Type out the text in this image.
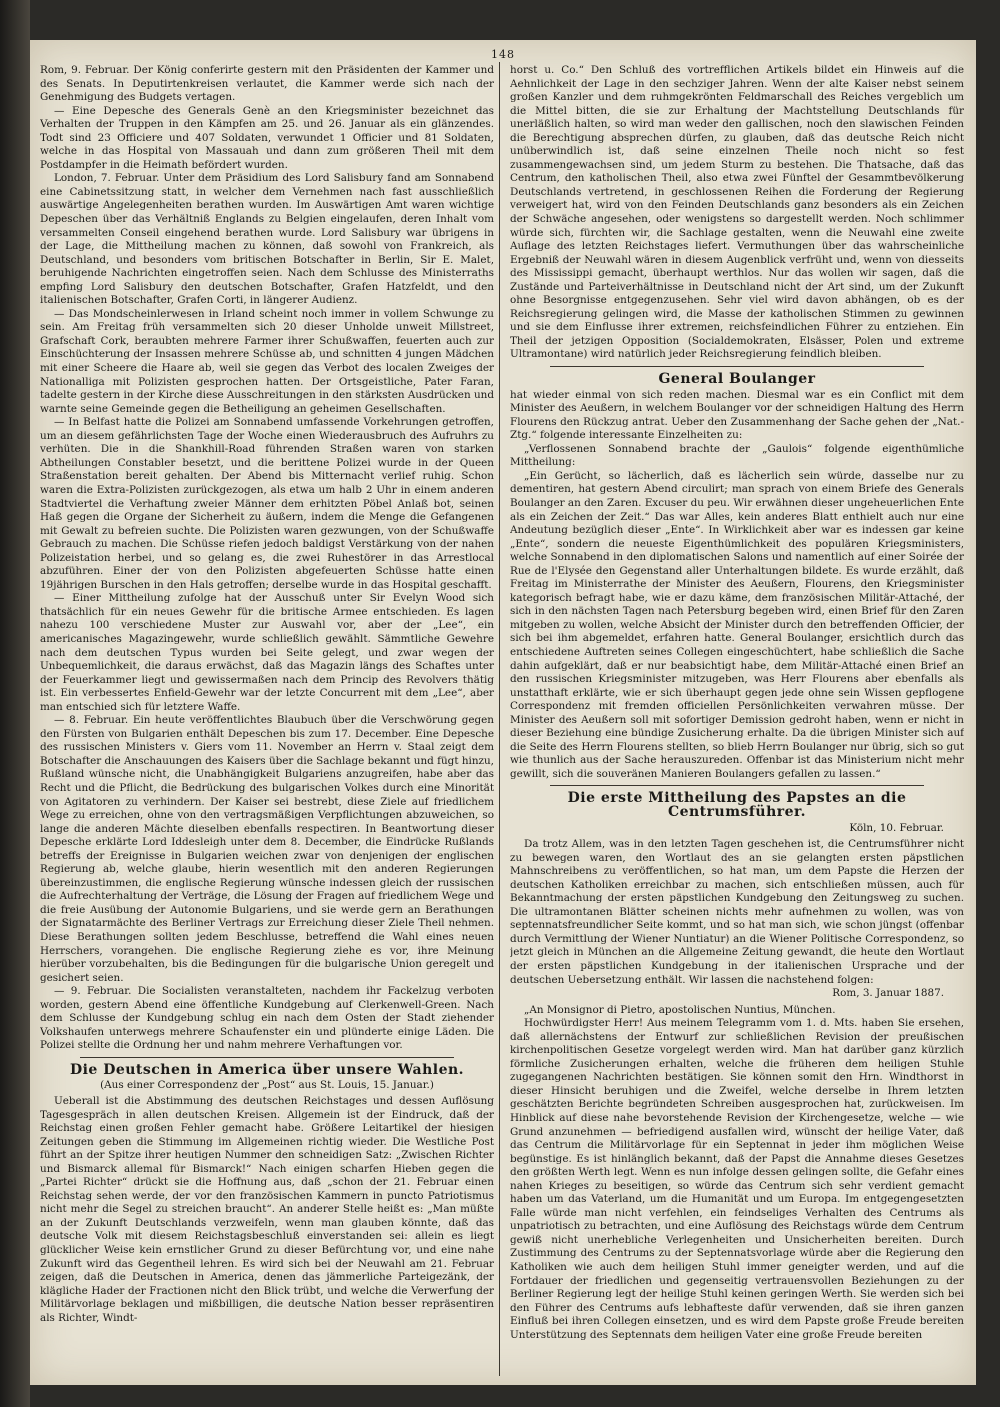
148

Rom, 9. Februar. Der König conferirte gestern mit den Präsidenten der Kammer und des Senats. In Deputirtenkreisen verlautet, die Kammer werde sich nach der Genehmigung des Budgets vertagen.

— Eine Depesche des Generals Genè an den Kriegsminister bezeichnet das Verhalten der Truppen in den Kämpfen am 25. und 26. Januar als ein glänzendes. Todt sind 23 Officiere und 407 Soldaten, verwundet 1 Officier und 81 Soldaten, welche in das Hospital von Massauah und dann zum größeren Theil mit dem Postdampfer in die Heimath befördert wurden.

London, 7. Februar. Unter dem Präsidium des Lord Salisbury fand am Sonnabend eine Cabinetssitzung statt, in welcher dem Vernehmen nach fast ausschließlich auswärtige Angelegenheiten berathen wurden. Im Auswärtigen Amt waren wichtige Depeschen über das Verhältniß Englands zu Belgien eingelaufen, deren Inhalt vom versammelten Conseil eingehend berathen wurde. Lord Salisbury war übrigens in der Lage, die Mittheilung machen zu können, daß sowohl von Frankreich, als Deutschland, und besonders vom britischen Botschafter in Berlin, Sir E. Malet, beruhigende Nachrichten eingetroffen seien. Nach dem Schlusse des Ministerraths empfing Lord Salisbury den deutschen Botschafter, Grafen Hatzfeldt, und den italienischen Botschafter, Grafen Corti, in längerer Audienz.

— Das Mondscheinlerwesen in Irland scheint noch immer in vollem Schwunge zu sein. Am Freitag früh versammelten sich 20 dieser Unholde unweit Millstreet, Grafschaft Cork, beraubten mehrere Farmer ihrer Schußwaffen, feuerten auch zur Einschüchterung der Insassen mehrere Schüsse ab, und schnitten 4 jungen Mädchen mit einer Scheere die Haare ab, weil sie gegen das Verbot des localen Zweiges der Nationalliga mit Polizisten gesprochen hatten. Der Ortsgeistliche, Pater Faran, tadelte gestern in der Kirche diese Ausschreitungen in den stärksten Ausdrücken und warnte seine Gemeinde gegen die Betheiligung an geheimen Gesellschaften.

— In Belfast hatte die Polizei am Sonnabend umfassende Vorkehrungen getroffen, um an diesem gefährlichsten Tage der Woche einen Wiederausbruch des Aufruhrs zu verhüten. Die in die Shankhill-Road führenden Straßen waren von starken Abtheilungen Constabler besetzt, und die berittene Polizei wurde in der Queen Straßenstation bereit gehalten. Der Abend bis Mitternacht verlief ruhig. Schon waren die Extra-Polizisten zurückgezogen, als etwa um halb 2 Uhr in einem anderen Stadtviertel die Verhaftung zweier Männer dem erhitzten Pöbel Anlaß bot, seinen Haß gegen die Organe der Sicherheit zu äußern, indem die Menge die Gefangenen mit Gewalt zu befreien suchte. Die Polizisten waren gezwungen, von der Schußwaffe Gebrauch zu machen. Die Schüsse riefen jedoch baldigst Verstärkung von der nahen Polizeistation herbei, und so gelang es, die zwei Ruhestörer in das Arrestlocal abzuführen. Einer der von den Polizisten abgefeuerten Schüsse hatte einen 19jährigen Burschen in den Hals getroffen; derselbe wurde in das Hospital geschafft.

— Einer Mittheilung zufolge hat der Ausschuß unter Sir Evelyn Wood sich thatsächlich für ein neues Gewehr für die britische Armee entschieden. Es lagen nahezu 100 verschiedene Muster zur Auswahl vor, aber der „Lee“, ein americanisches Magazingewehr, wurde schließlich gewählt. Sämmtliche Gewehre nach dem deutschen Typus wurden bei Seite gelegt, und zwar wegen der Unbequemlichkeit, die daraus erwächst, daß das Magazin längs des Schaftes unter der Feuerkammer liegt und gewissermaßen nach dem Princip des Revolvers thätig ist. Ein verbessertes Enfield-Gewehr war der letzte Concurrent mit dem „Lee“, aber man entschied sich für letztere Waffe.

— 8. Februar. Ein heute veröffentlichtes Blaubuch über die Verschwörung gegen den Fürsten von Bulgarien enthält Depeschen bis zum 17. December. Eine Depesche des russischen Ministers v. Giers vom 11. November an Herrn v. Staal zeigt dem Botschafter die Anschauungen des Kaisers über die Sachlage bekannt und fügt hinzu, Rußland wünsche nicht, die Unabhängigkeit Bulgariens anzugreifen, habe aber das Recht und die Pflicht, die Bedrückung des bulgarischen Volkes durch eine Minorität von Agitatoren zu verhindern. Der Kaiser sei bestrebt, diese Ziele auf friedlichem Wege zu erreichen, ohne von den vertragsmäßigen Verpflichtungen abzuweichen, so lange die anderen Mächte dieselben ebenfalls respectiren. In Beantwortung dieser Depesche erklärte Lord Iddesleigh unter dem 8. December, die Eindrücke Rußlands betreffs der Ereignisse in Bulgarien weichen zwar von denjenigen der englischen Regierung ab, welche glaube, hierin wesentlich mit den anderen Regierungen übereinzustimmen, die englische Regierung wünsche indessen gleich der russischen die Aufrechterhaltung der Verträge, die Lösung der Fragen auf friedlichem Wege und die freie Ausübung der Autonomie Bulgariens, und sie werde gern an Berathungen der Signatarmächte des Berliner Vertrags zur Erreichung dieser Ziele Theil nehmen. Diese Berathungen sollten jedem Beschlusse, betreffend die Wahl eines neuen Herrschers, vorangehen. Die englische Regierung ziehe es vor, ihre Meinung hierüber vorzubehalten, bis die Bedingungen für die bulgarische Union geregelt und gesichert seien.

— 9. Februar. Die Socialisten veranstalteten, nachdem ihr Fackelzug verboten worden, gestern Abend eine öffentliche Kundgebung auf Clerkenwell-Green. Nach dem Schlusse der Kundgebung schlug ein nach dem Osten der Stadt ziehender Volkshaufen unterwegs mehrere Schaufenster ein und plünderte einige Läden. Die Polizei stellte die Ordnung her und nahm mehrere Verhaftungen vor.

Die Deutschen in America über unsere Wahlen.

(Aus einer Correspondenz der „Post“ aus St. Louis, 15. Januar.)

Ueberall ist die Abstimmung des deutschen Reichstages und dessen Auflösung Tagesgespräch in allen deutschen Kreisen. Allgemein ist der Eindruck, daß der Reichstag einen großen Fehler gemacht habe. Größere Leitartikel der hiesigen Zeitungen geben die Stimmung im Allgemeinen richtig wieder. Die Westliche Post führt an der Spitze ihrer heutigen Nummer den schneidigen Satz: „Zwischen Richter und Bismarck allemal für Bismarck!“ Nach einigen scharfen Hieben gegen die „Partei Richter“ drückt sie die Hoffnung aus, daß „schon der 21. Februar einen Reichstag sehen werde, der vor den französischen Kammern in puncto Patriotismus nicht mehr die Segel zu streichen braucht“. An anderer Stelle heißt es: „Man müßte an der Zukunft Deutschlands verzweifeln, wenn man glauben könnte, daß das deutsche Volk mit diesem Reichstagsbeschluß einverstanden sei: allein es liegt glücklicher Weise kein ernstlicher Grund zu dieser Befürchtung vor, und eine nahe Zukunft wird das Gegentheil lehren. Es wird sich bei der Neuwahl am 21. Februar zeigen, daß die Deutschen in America, denen das jämmerliche Parteigezänk, der klägliche Hader der Fractionen nicht den Blick trübt, und welche die Verwerfung der Militärvorlage beklagen und mißbilligen, die deutsche Nation besser repräsentiren als Richter, Windt-

horst u. Co.“ Den Schluß des vortrefflichen Artikels bildet ein Hinweis auf die Aehnlichkeit der Lage in den sechziger Jahren. Wenn der alte Kaiser nebst seinem großen Kanzler und dem ruhmgekrönten Feldmarschall des Reiches vergeblich um die Mittel bitten, die sie zur Erhaltung der Machtstellung Deutschlands für unerläßlich halten, so wird man weder den gallischen, noch den slawischen Feinden die Berechtigung absprechen dürfen, zu glauben, daß das deutsche Reich nicht unüberwindlich ist, daß seine einzelnen Theile noch nicht so fest zusammengewachsen sind, um jedem Sturm zu bestehen. Die Thatsache, daß das Centrum, den katholischen Theil, also etwa zwei Fünftel der Gesammtbevölkerung Deutschlands vertretend, in geschlossenen Reihen die Forderung der Regierung verweigert hat, wird von den Feinden Deutschlands ganz besonders als ein Zeichen der Schwäche angesehen, oder wenigstens so dargestellt werden. Noch schlimmer würde sich, fürchten wir, die Sachlage gestalten, wenn die Neuwahl eine zweite Auflage des letzten Reichstages liefert. Vermuthungen über das wahrscheinliche Ergebniß der Neuwahl wären in diesem Augenblick verfrüht und, wenn von diesseits des Mississippi gemacht, überhaupt werthlos. Nur das wollen wir sagen, daß die Zustände und Parteiverhältnisse in Deutschland nicht der Art sind, um der Zukunft ohne Besorgnisse entgegenzusehen. Sehr viel wird davon abhängen, ob es der Reichsregierung gelingen wird, die Masse der katholischen Stimmen zu gewinnen und sie dem Einflusse ihrer extremen, reichsfeindlichen Führer zu entziehen. Ein Theil der jetzigen Opposition (Socialdemokraten, Elsässer, Polen und extreme Ultramontane) wird natürlich jeder Reichsregierung feindlich bleiben.

General Boulanger

hat wieder einmal von sich reden machen. Diesmal war es ein Conflict mit dem Minister des Aeußern, in welchem Boulanger vor der schneidigen Haltung des Herrn Flourens den Rückzug antrat. Ueber den Zusammenhang der Sache gehen der „Nat.-Ztg.“ folgende interessante Einzelheiten zu:

„Verflossenen Sonnabend brachte der „Gaulois“ folgende eigenthümliche Mittheilung:

„Ein Gerücht, so lächerlich, daß es lächerlich sein würde, dasselbe nur zu dementiren, hat gestern Abend circulirt; man sprach von einem Briefe des Generals Boulanger an den Zaren. Excuser du peu. Wir erwähnen dieser ungeheuerlichen Ente als ein Zeichen der Zeit.“ Das war Alles, kein anderes Blatt enthielt auch nur eine Andeutung bezüglich dieser „Ente“. In Wirklichkeit aber war es indessen gar keine „Ente“, sondern die neueste Eigenthümlichkeit des populären Kriegsministers, welche Sonnabend in den diplomatischen Salons und namentlich auf einer Soirée der Rue de l'Elysée den Gegenstand aller Unterhaltungen bildete. Es wurde erzählt, daß Freitag im Ministerrathe der Minister des Aeußern, Flourens, den Kriegsminister kategorisch befragt habe, wie er dazu käme, dem französischen Militär-Attaché, der sich in den nächsten Tagen nach Petersburg begeben wird, einen Brief für den Zaren mitgeben zu wollen, welche Absicht der Minister durch den betreffenden Officier, der sich bei ihm abgemeldet, erfahren hatte. General Boulanger, ersichtlich durch das entschiedene Auftreten seines Collegen eingeschüchtert, habe schließlich die Sache dahin aufgeklärt, daß er nur beabsichtigt habe, dem Militär-Attaché einen Brief an den russischen Kriegsminister mitzugeben, was Herr Flourens aber ebenfalls als unstatthaft erklärte, wie er sich überhaupt gegen jede ohne sein Wissen gepflogene Correspondenz mit fremden officiellen Persönlichkeiten verwahren müsse. Der Minister des Aeußern soll mit sofortiger Demission gedroht haben, wenn er nicht in dieser Beziehung eine bündige Zusicherung erhalte. Da die übrigen Minister sich auf die Seite des Herrn Flourens stellten, so blieb Herrn Boulanger nur übrig, sich so gut wie thunlich aus der Sache herauszureden. Offenbar ist das Ministerium nicht mehr gewillt, sich die souveränen Manieren Boulangers gefallen zu lassen.“

Die erste Mittheilung des Papstes an die Centrumsführer.

Köln, 10. Februar.

Da trotz Allem, was in den letzten Tagen geschehen ist, die Centrumsführer nicht zu bewegen waren, den Wortlaut des an sie gelangten ersten päpstlichen Mahnschreibens zu veröffentlichen, so hat man, um dem Papste die Herzen der deutschen Katholiken erreichbar zu machen, sich entschließen müssen, auch für Bekanntmachung der ersten päpstlichen Kundgebung den Zeitungsweg zu suchen. Die ultramontanen Blätter scheinen nichts mehr aufnehmen zu wollen, was von septennatsfreundlicher Seite kommt, und so hat man sich, wie schon jüngst (offenbar durch Vermittlung der Wiener Nuntiatur) an die Wiener Politische Correspondenz, so jetzt gleich in München an die Allgemeine Zeitung gewandt, die heute den Wortlaut der ersten päpstlichen Kundgebung in der italienischen Ursprache und der deutschen Uebersetzung enthält. Wir lassen die nachstehend folgen:

Rom, 3. Januar 1887.

„An Monsignor di Pietro, apostolischen Nuntius, München.

Hochwürdigster Herr! Aus meinem Telegramm vom 1. d. Mts. haben Sie ersehen, daß allernächstens der Entwurf zur schließlichen Revision der preußischen kirchenpolitischen Gesetze vorgelegt werden wird. Man hat darüber ganz kürzlich förmliche Zusicherungen erhalten, welche die früheren dem heiligen Stuhle zugegangenen Nachrichten bestätigen. Sie können somit den Hrn. Windthorst in dieser Hinsicht beruhigen und die Zweifel, welche derselbe in Ihrem letzten geschätzten Berichte begründeten Schreiben ausgesprochen hat, zurückweisen. Im Hinblick auf diese nahe bevorstehende Revision der Kirchengesetze, welche — wie Grund anzunehmen — befriedigend ausfallen wird, wünscht der heilige Vater, daß das Centrum die Militärvorlage für ein Septennat in jeder ihm möglichen Weise begünstige. Es ist hinlänglich bekannt, daß der Papst die Annahme dieses Gesetzes den größten Werth legt. Wenn es nun infolge dessen gelingen sollte, die Gefahr eines nahen Krieges zu beseitigen, so würde das Centrum sich sehr verdient gemacht haben um das Vaterland, um die Humanität und um Europa. Im entgegengesetzten Falle würde man nicht verfehlen, ein feindseliges Verhalten des Centrums als unpatriotisch zu betrachten, und eine Auflösung des Reichstags würde dem Centrum gewiß nicht unerhebliche Verlegenheiten und Unsicherheiten bereiten. Durch Zustimmung des Centrums zu der Septennatsvorlage würde aber die Regierung den Katholiken wie auch dem heiligen Stuhl immer geneigter werden, und auf die Fortdauer der friedlichen und gegenseitig vertrauensvollen Beziehungen zu der Berliner Regierung legt der heilige Stuhl keinen geringen Werth. Sie werden sich bei den Führer des Centrums aufs lebhafteste dafür verwenden, daß sie ihren ganzen Einfluß bei ihren Collegen einsetzen, und es wird dem Papste große Freude bereiten Unterstützung des Septennats dem heiligen Vater eine große Freude bereiten
